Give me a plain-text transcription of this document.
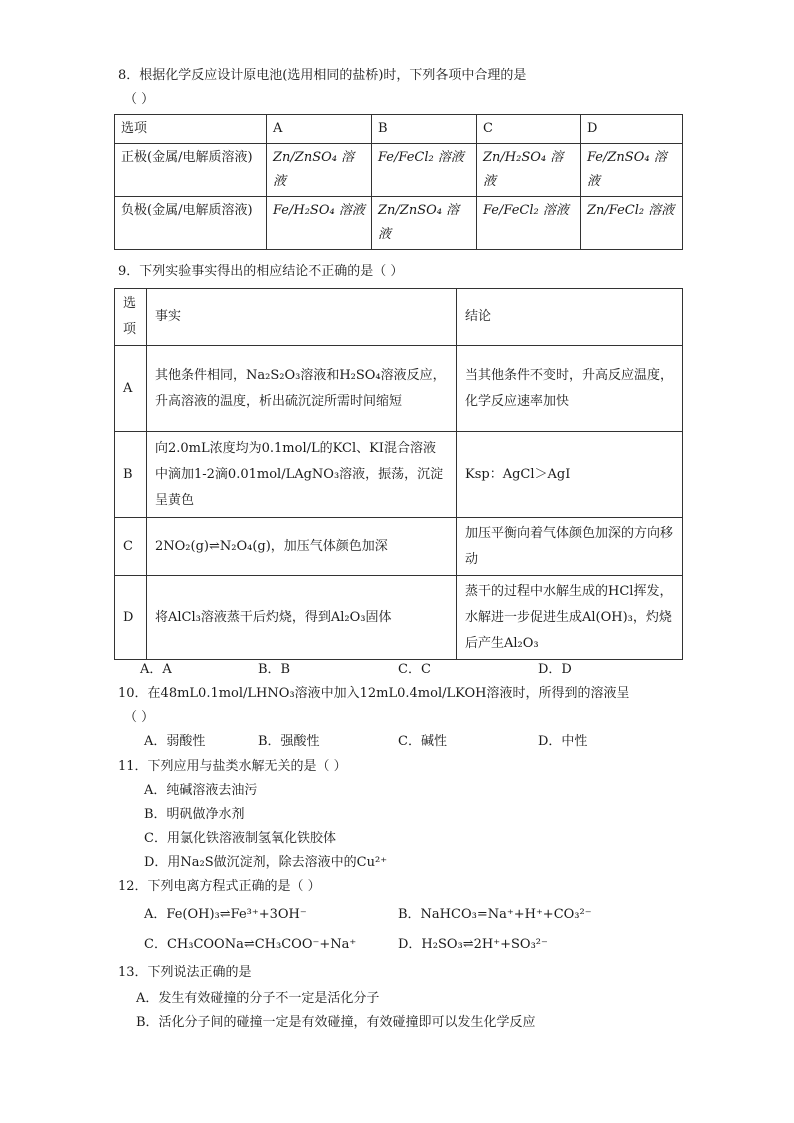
8．根据化学反应设计原电池(选用相同的盐桥)时，下列各项中合理的是
（ ）
选项	A	B	C	D
正极(金属/电解质溶液)	Zn/ZnSO₄ 溶液	Fe/FeCl₂ 溶液	Zn/H₂SO₄ 溶液	Fe/ZnSO₄ 溶液
负极(金属/电解质溶液)	Fe/H₂SO₄ 溶液	Zn/ZnSO₄ 溶液	Fe/FeCl₂ 溶液	Zn/FeCl₂ 溶液
9．下列实验事实得出的相应结论不正确的是（ ）
选项	事实	结论
A	其他条件相同，Na₂S₂O₃溶液和H₂SO₄溶液反应，升高溶液的温度，析出硫沉淀所需时间缩短	当其他条件不变时，升高反应温度，化学反应速率加快
B	向2.0mL浓度均为0.1mol/L的KCl、KI混合溶液中滴加1-2滴0.01mol/LAgNO₃溶液，振荡，沉淀呈黄色	Ksp：AgCl＞AgI
C	2NO₂(g)⇌N₂O₄(g)，加压气体颜色加深	加压平衡向着气体颜色加深的方向移动
D	将AlCl₃溶液蒸干后灼烧，得到Al₂O₃固体	蒸干的过程中水解生成的HCl挥发，水解进一步促进生成Al(OH)₃，灼烧后产生Al₂O₃
A．A	B．B	C．C	D．D
10．在48mL0.1mol/LHNO₃溶液中加入12mL0.4mol/LKOH溶液时，所得到的溶液呈
（ ）
A．弱酸性	B．强酸性	C．碱性	D．中性
11．下列应用与盐类水解无关的是（ ）
A．纯碱溶液去油污
B．明矾做净水剂
C．用氯化铁溶液制氢氧化铁胶体
D．用Na₂S做沉淀剂，除去溶液中的Cu²⁺
12．下列电离方程式正确的是（ ）
A．Fe(OH)₃⇌Fe³⁺+3OH⁻	B．NaHCO₃=Na⁺+H⁺+CO₃²⁻
C．CH₃COONa⇌CH₃COO⁻+Na⁺	D．H₂SO₃⇌2H⁺+SO₃²⁻
13．下列说法正确的是
A．发生有效碰撞的分子不一定是活化分子
B．活化分子间的碰撞一定是有效碰撞，有效碰撞即可以发生化学反应
